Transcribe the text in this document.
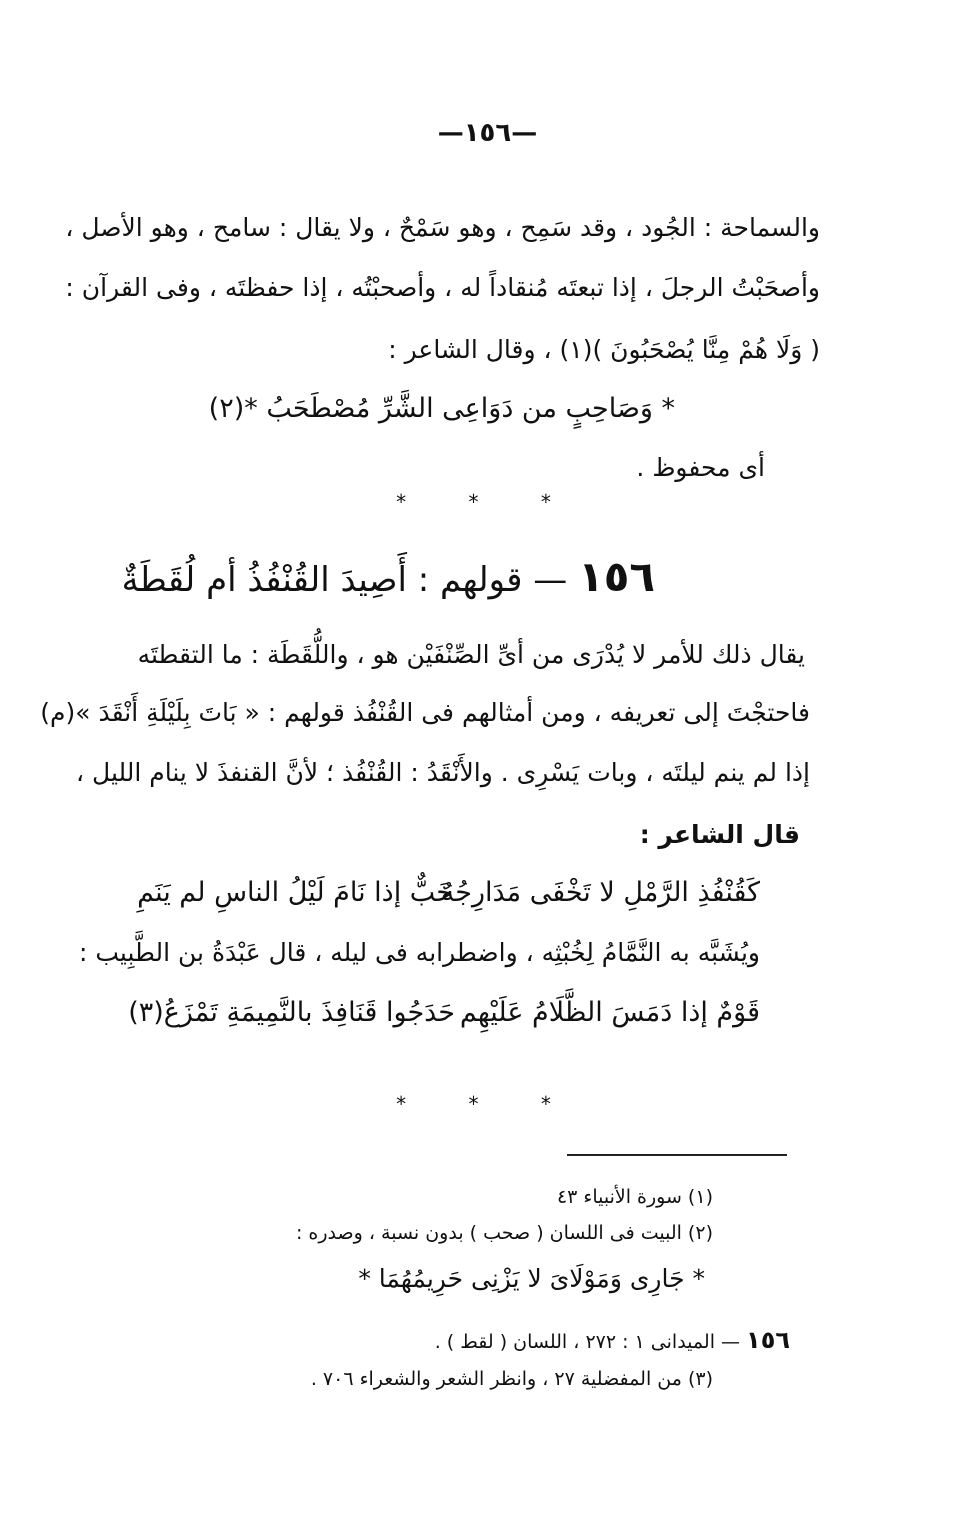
—١٥٦—
والسماحة : الجُود ، وقد سَمِح ، وهو سَمْحٌ ، ولا يقال : سامح ، وهو الأصل ،
وأصحَبْتُ الرجلَ ، إذا تبعتَه مُنقاداً له ، وأصحبْتُه ، إذا حفظتَه ، وفى القرآن :
( وَلَا هُمْ مِنَّا يُصْحَبُونَ )(١) ، وقال الشاعر :
* وَصَاحِبٍ من دَوَاعِى الشَّرِّ مُصْطَحَبُ *(٢)
أى محفوظ .
* * *
١٥٦ — قولهم : أَصِيدَ القُنْفُذُ أم لُقَطَةٌ
يقال ذلك للأمر لا يُدْرَى من أىِّ الصِّنْفَيْن هو ، واللُّقَطَة : ما التقطتَه
فاحتجْتَ إلى تعريفه ، ومن أمثالهم فى القُنْفُذ قولهم : « بَاتَ بِلَيْلَةِ أَنْقَدَ »(م)
إذا لم ينم ليلتَه ، وبات يَسْرِى . والأَنْقَدُ : القُنْفُذ ؛ لأنَّ القنفذَ لا ينام الليل ،
قال الشاعر :
كَقُنْفُذِ الرَّمْلِ لا تَخْفَى مَدَارِجُهُ
خَبٌّ إذا نَامَ لَيْلُ الناسِ لم يَنَمِ
ويُشَبَّه به النَّمَّامُ لِخُبْثِه ، واضطرابه فى ليله ، قال عَبْدَةُ بن الطَّبِيب :
قَوْمٌ إذا دَمَسَ الظَّلَامُ عَلَيْهِم
حَدَجُوا قَنَافِذَ بالنَّمِيمَةِ تَمْزَعُ(٣)
* * *
(١) سورة الأنبياء ٤٣
(٢) البيت فى اللسان ( صحب ) بدون نسبة ، وصدره :
* جَارِى وَمَوْلَاىَ لا يَزْنِى حَرِيمُهُمَا *
١٥٦ — الميدانى ١ : ٢٧٢ ، اللسان ( لقط ) .
(٣) من المفضلية ٢٧ ، وانظر الشعر والشعراء ٧٠٦ .
